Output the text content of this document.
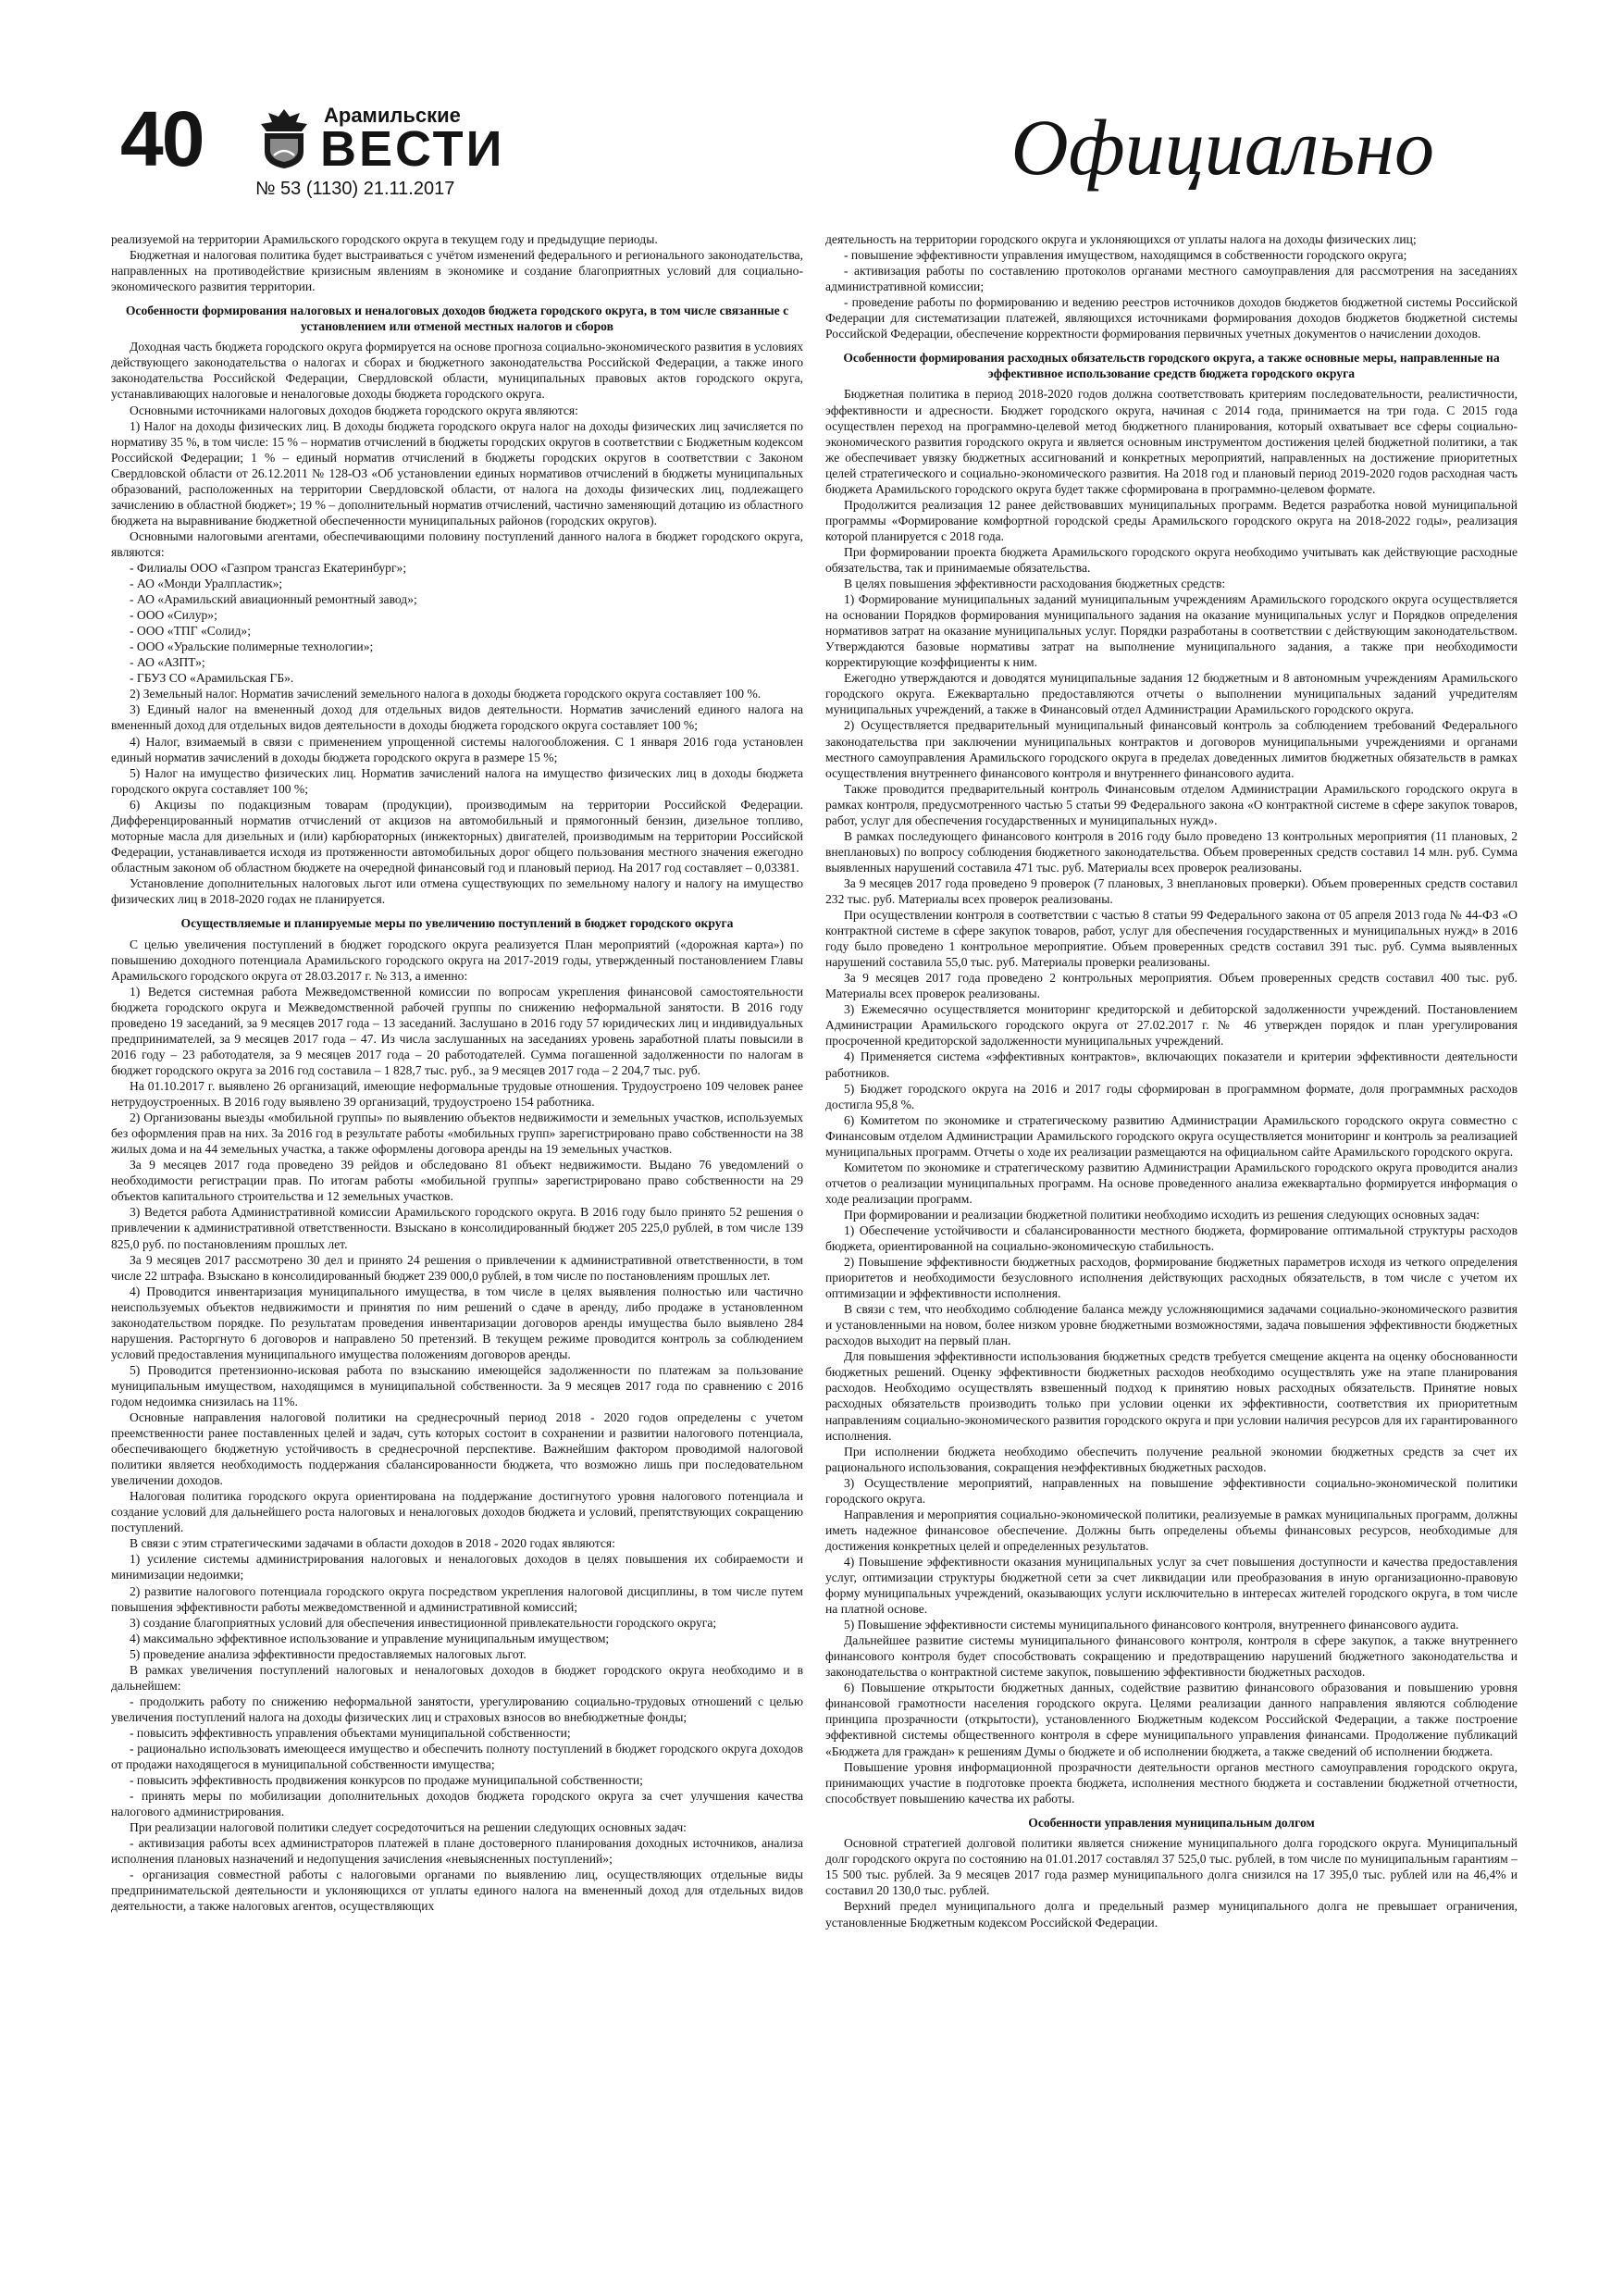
40	Арамильские
ВЕСТИ
№ 53 (1130) 21.11.2017	Официально

реализуемой на территории Арамильского городского округа в текущем году и предыдущие периоды.

Бюджетная и налоговая политика будет выстраиваться с учётом изменений федерального и регионального законодательства, направленных на противодействие кризисным явлениям в экономике и создание благоприятных условий для социально-экономического развития территории.

Особенности формирования налоговых и неналоговых доходов бюджета городского округа, в том числе связанные с установлением или отменой местных налогов и сборов

Доходная часть бюджета городского округа формируется на основе прогноза социально-экономического развития в условиях действующего законодательства о налогах и сборах и бюджетного законодательства Российской Федерации, а также иного законодательства Российской Федерации, Свердловской области, муниципальных правовых актов городского округа, устанавливающих налоговые и неналоговые доходы бюджета городского округа.

Основными источниками налоговых доходов бюджета городского округа являются:

1) Налог на доходы физических лиц. В доходы бюджета городского округа налог на доходы физических лиц зачисляется по нормативу 35 %, в том числе: 15 % – норматив отчислений в бюджеты городских округов в соответствии с Бюджетным кодексом Российской Федерации; 1 % – единый норматив отчислений в бюджеты городских округов в соответствии с Законом Свердловской области от 26.12.2011 № 128-ОЗ «Об установлении единых нормативов отчислений в бюджеты муниципальных образований, расположенных на территории Свердловской области, от налога на доходы физических лиц, подлежащего зачислению в областной бюджет»; 19 % – дополнительный норматив отчислений, частично заменяющий дотацию из областного бюджета на выравнивание бюджетной обеспеченности муниципальных районов (городских округов).

Основными налоговыми агентами, обеспечивающими половину поступлений данного налога в бюджет городского округа, являются:

- Филиалы ООО «Газпром трансгаз Екатеринбург»;

- АО «Монди Уралпластик»;

- АО «Арамильский авиационный ремонтный завод»;

- ООО «Силур»;

- ООО «ТПГ «Солид»;

- ООО «Уральские полимерные технологии»;

- АО «АЗПТ»;

- ГБУЗ СО «Арамильская ГБ».

2) Земельный налог. Норматив зачислений земельного налога в доходы бюджета городского округа составляет 100 %.

3) Единый налог на вмененный доход для отдельных видов деятельности. Норматив зачислений единого налога на вмененный доход для отдельных видов деятельности в доходы бюджета городского округа составляет 100 %;

4) Налог, взимаемый в связи с применением упрощенной системы налогообложения. С 1 января 2016 года установлен единый норматив зачислений в доходы бюджета городского округа в размере 15 %;

5) Налог на имущество физических лиц. Норматив зачислений налога на имущество физических лиц в доходы бюджета городского округа составляет 100 %;

6) Акцизы по подакцизным товарам (продукции), производимым на территории Российской Федерации. Дифференцированный норматив отчислений от акцизов на автомобильный и прямогонный бензин, дизельное топливо, моторные масла для дизельных и (или) карбюраторных (инжекторных) двигателей, производимым на территории Российской Федерации, устанавливается исходя из протяженности автомобильных дорог общего пользования местного значения ежегодно областным законом об областном бюджете на очередной финансовый год и плановый период. На 2017 год составляет – 0,03381.

Установление дополнительных налоговых льгот или отмена существующих по земельному налогу и налогу на имущество физических лиц в 2018-2020 годах не планируется.

Осуществляемые и планируемые меры по увеличению поступлений в бюджет городского округа

С целью увеличения поступлений в бюджет городского округа реализуется План мероприятий («дорожная карта») по повышению доходного потенциала Арамильского городского округа на 2017-2019 годы, утвержденный постановлением Главы Арамильского городского округа от 28.03.2017 г. № 313, а именно:

1) Ведется системная работа Межведомственной комиссии по вопросам укрепления финансовой самостоятельности бюджета городского округа и Межведомственной рабочей группы по снижению неформальной занятости. В 2016 году проведено 19 заседаний, за 9 месяцев 2017 года – 13 заседаний. Заслушано в 2016 году 57 юридических лиц и индивидуальных предпринимателей, за 9 месяцев 2017 года – 47. Из числа заслушанных на заседаниях уровень заработной платы повысили в 2016 году – 23 работодателя, за 9 месяцев 2017 года – 20 работодателей. Сумма погашенной задолженности по налогам в бюджет городского округа за 2016 год составила – 1 828,7 тыс. руб., за 9 месяцев 2017 года – 2 204,7 тыс. руб.

На 01.10.2017 г. выявлено 26 организаций, имеющие неформальные трудовые отношения. Трудоустроено 109 человек ранее нетрудоустроенных. В 2016 году выявлено 39 организаций, трудоустроено 154 работника.

2) Организованы выезды «мобильной группы» по выявлению объектов недвижимости и земельных участков, используемых без оформления прав на них. За 2016 год в результате работы «мобильных групп» зарегистрировано право собственности на 38 жилых дома и на 44 земельных участка, а также оформлены договора аренды на 19 земельных участков.

За 9 месяцев 2017 года проведено 39 рейдов и обследовано 81 объект недвижимости. Выдано 76 уведомлений о необходимости регистрации прав. По итогам работы «мобильной группы» зарегистрировано право собственности на 29 объектов капитального строительства и 12 земельных участков.

3) Ведется работа Административной комиссии Арамильского городского округа. В 2016 году было принято 52 решения о привлечении к административной ответственности. Взыскано в консолидированный бюджет 205 225,0 рублей, в том числе 139 825,0 руб. по постановлениям прошлых лет.

За 9 месяцев 2017 рассмотрено 30 дел и принято 24 решения о привлечении к административной ответственности, в том числе 22 штрафа. Взыскано в консолидированный бюджет 239 000,0 рублей, в том числе по постановлениям прошлых лет.

4) Проводится инвентаризация муниципального имущества, в том числе в целях выявления полностью или частично неиспользуемых объектов недвижимости и принятия по ним решений о сдаче в аренду, либо продаже в установленном законодательством порядке. По результатам проведения инвентаризации договоров аренды имущества было выявлено 284 нарушения. Расторгнуто 6 договоров и направлено 50 претензий. В текущем режиме проводится контроль за соблюдением условий предоставления муниципального имущества положениям договоров аренды.

5) Проводится претензионно-исковая работа по взысканию имеющейся задолженности по платежам за пользование муниципальным имуществом, находящимся в муниципальной собственности. За 9 месяцев 2017 года по сравнению с 2016 годом недоимка снизилась на 11%.

Основные направления налоговой политики на среднесрочный период 2018 - 2020 годов определены с учетом преемственности ранее поставленных целей и задач, суть которых состоит в сохранении и развитии налогового потенциала, обеспечивающего бюджетную устойчивость в среднесрочной перспективе. Важнейшим фактором проводимой налоговой политики является необходимость поддержания сбалансированности бюджета, что возможно лишь при последовательном увеличении доходов.

Налоговая политика городского округа ориентирована на поддержание достигнутого уровня налогового потенциала и создание условий для дальнейшего роста налоговых и неналоговых доходов бюджета и условий, препятствующих сокращению поступлений.

В связи с этим стратегическими задачами в области доходов в 2018 - 2020 годах являются:

1) усиление системы администрирования налоговых и неналоговых доходов в целях повышения их собираемости и минимизации недоимки;

2) развитие налогового потенциала городского округа посредством укрепления налоговой дисциплины, в том числе путем повышения эффективности работы межведомственной и административной комиссий;

3) создание благоприятных условий для обеспечения инвестиционной привлекательности городского округа;

4) максимально эффективное использование и управление муниципальным имуществом;

5) проведение анализа эффективности предоставляемых налоговых льгот.

В рамках увеличения поступлений налоговых и неналоговых доходов в бюджет городского округа необходимо и в дальнейшем:

- продолжить работу по снижению неформальной занятости, урегулированию социально-трудовых отношений с целью увеличения поступлений налога на доходы физических лиц и страховых взносов во внебюджетные фонды;

- повысить эффективность управления объектами муниципальной собственности;

- рационально использовать имеющееся имущество и обеспечить полноту поступлений в бюджет городского округа доходов от продажи находящегося в муниципальной собственности имущества;

- повысить эффективность продвижения конкурсов по продаже муниципальной собственности;

- принять меры по мобилизации дополнительных доходов бюджета городского округа за счет улучшения качества налогового администрирования.

При реализации налоговой политики следует сосредоточиться на решении следующих основных задач:

- активизация работы всех администраторов платежей в плане достоверного планирования доходных источников, анализа исполнения плановых назначений и недопущения зачисления «невыясненных поступлений»;

- организация совместной работы с налоговыми органами по выявлению лиц, осуществляющих отдельные виды предпринимательской деятельности и уклоняющихся от уплаты единого налога на вмененный доход для отдельных видов деятельности, а также налоговых агентов, осуществляющих

деятельность на территории городского округа и уклоняющихся от уплаты налога на доходы физических лиц;

- повышение эффективности управления имуществом, находящимся в собственности городского округа;

- активизация работы по составлению протоколов органами местного самоуправления для рассмотрения на заседаниях административной комиссии;

- проведение работы по формированию и ведению реестров источников доходов бюджетов бюджетной системы Российской Федерации для систематизации платежей, являющихся источниками формирования доходов бюджетов бюджетной системы Российской Федерации, обеспечение корректности формирования первичных учетных документов о начислении доходов.

Особенности формирования расходных обязательств городского округа, а также основные меры, направленные на эффективное использование средств бюджета городского округа

Бюджетная политика в период 2018-2020 годов должна соответствовать критериям последовательности, реалистичности, эффективности и адресности. Бюджет городского округа, начиная с 2014 года, принимается на три года. С 2015 года осуществлен переход на программно-целевой метод бюджетного планирования, который охватывает все сферы социально-экономического развития городского округа и является основным инструментом достижения целей бюджетной политики, а так же обеспечивает увязку бюджетных ассигнований и конкретных мероприятий, направленных на достижение приоритетных целей стратегического и социально-экономического развития. На 2018 год и плановый период 2019-2020 годов расходная часть бюджета Арамильского городского округа будет также сформирована в программно-целевом формате.

Продолжится реализация 12 ранее действовавших муниципальных программ. Ведется разработка новой муниципальной программы «Формирование комфортной городской среды Арамильского городского округа на 2018-2022 годы», реализация которой планируется с 2018 года.

При формировании проекта бюджета Арамильского городского округа необходимо учитывать как действующие расходные обязательства, так и принимаемые обязательства.

В целях повышения эффективности расходования бюджетных средств:

1) Формирование муниципальных заданий муниципальным учреждениям Арамильского городского округа осуществляется на основании Порядков формирования муниципального задания на оказание муниципальных услуг и Порядков определения нормативов затрат на оказание муниципальных услуг. Порядки разработаны в соответствии с действующим законодательством. Утверждаются базовые нормативы затрат на выполнение муниципального задания, а также при необходимости корректирующие коэффициенты к ним.

Ежегодно утверждаются и доводятся муниципальные задания 12 бюджетным и 8 автономным учреждениям Арамильского городского округа. Ежеквартально предоставляются отчеты о выполнении муниципальных заданий учредителям муниципальных учреждений, а также в Финансовый отдел Администрации Арамильского городского округа.

2) Осуществляется предварительный муниципальный финансовый контроль за соблюдением требований Федерального законодательства при заключении муниципальных контрактов и договоров муниципальными учреждениями и органами местного самоуправления Арамильского городского округа в пределах доведенных лимитов бюджетных обязательств в рамках осуществления внутреннего финансового контроля и внутреннего финансового аудита.

Также проводится предварительный контроль Финансовым отделом Администрации Арамильского городского округа в рамках контроля, предусмотренного частью 5 статьи 99 Федерального закона «О контрактной системе в сфере закупок товаров, работ, услуг для обеспечения государственных и муниципальных нужд».

В рамках последующего финансового контроля в 2016 году было проведено 13 контрольных мероприятия (11 плановых, 2 внеплановых) по вопросу соблюдения бюджетного законодательства. Объем проверенных средств составил 14 млн. руб. Сумма выявленных нарушений составила 471 тыс. руб. Материалы всех проверок реализованы.

За 9 месяцев 2017 года проведено 9 проверок (7 плановых, 3 внеплановых проверки). Объем проверенных средств составил 232 тыс. руб. Материалы всех проверок реализованы.

При осуществлении контроля в соответствии с частью 8 статьи 99 Федерального закона от 05 апреля 2013 года № 44-ФЗ «О контрактной системе в сфере закупок товаров, работ, услуг для обеспечения государственных и муниципальных нужд» в 2016 году было проведено 1 контрольное мероприятие. Объем проверенных средств составил 391 тыс. руб. Сумма выявленных нарушений составила 55,0 тыс. руб. Материалы проверки реализованы.

За 9 месяцев 2017 года проведено 2 контрольных мероприятия. Объем проверенных средств составил 400 тыс. руб. Материалы всех проверок реализованы.

3) Ежемесячно осуществляется мониторинг кредиторской и дебиторской задолженности учреждений. Постановлением Администрации Арамильского городского округа от 27.02.2017 г. № 46 утвержден порядок и план урегулирования просроченной кредиторской задолженности муниципальных учреждений.

4) Применяется система «эффективных контрактов», включающих показатели и критерии эффективности деятельности работников.

5) Бюджет городского округа на 2016 и 2017 годы сформирован в программном формате, доля программных расходов достигла 95,8 %.

6) Комитетом по экономике и стратегическому развитию Администрации Арамильского городского округа совместно с Финансовым отделом Администрации Арамильского городского округа осуществляется мониторинг и контроль за реализацией муниципальных программ. Отчеты о ходе их реализации размещаются на официальном сайте Арамильского городского округа.

Комитетом по экономике и стратегическому развитию Администрации Арамильского городского округа проводится анализ отчетов о реализации муниципальных программ. На основе проведенного анализа ежеквартально формируется информация о ходе реализации программ.

При формировании и реализации бюджетной политики необходимо исходить из решения следующих основных задач:

1) Обеспечение устойчивости и сбалансированности местного бюджета, формирование оптимальной структуры расходов бюджета, ориентированной на социально-экономическую стабильность.

2) Повышение эффективности бюджетных расходов, формирование бюджетных параметров исходя из четкого определения приоритетов и необходимости безусловного исполнения действующих расходных обязательств, в том числе с учетом их оптимизации и эффективности исполнения.

В связи с тем, что необходимо соблюдение баланса между усложняющимися задачами социально-экономического развития и установленными на новом, более низком уровне бюджетными возможностями, задача повышения эффективности бюджетных расходов выходит на первый план.

Для повышения эффективности использования бюджетных средств требуется смещение акцента на оценку обоснованности бюджетных решений. Оценку эффективности бюджетных расходов необходимо осуществлять уже на этапе планирования расходов. Необходимо осуществлять взвешенный подход к принятию новых расходных обязательств. Принятие новых расходных обязательств производить только при условии оценки их эффективности, соответствия их приоритетным направлениям социально-экономического развития городского округа и при условии наличия ресурсов для их гарантированного исполнения.

При исполнении бюджета необходимо обеспечить получение реальной экономии бюджетных средств за счет их рационального использования, сокращения неэффективных бюджетных расходов.

3) Осуществление мероприятий, направленных на повышение эффективности социально-экономической политики городского округа.

Направления и мероприятия социально-экономической политики, реализуемые в рамках муниципальных программ, должны иметь надежное финансовое обеспечение. Должны быть определены объемы финансовых ресурсов, необходимые для достижения конкретных целей и определенных результатов.

4) Повышение эффективности оказания муниципальных услуг за счет повышения доступности и качества предоставления услуг, оптимизации структуры бюджетной сети за счет ликвидации или преобразования в иную организационно-правовую форму муниципальных учреждений, оказывающих услуги исключительно в интересах жителей городского округа, в том числе на платной основе.

5) Повышение эффективности системы муниципального финансового контроля, внутреннего финансового аудита.

Дальнейшее развитие системы муниципального финансового контроля, контроля в сфере закупок, а также внутреннего финансового контроля будет способствовать сокращению и предотвращению нарушений бюджетного законодательства и законодательства о контрактной системе закупок, повышению эффективности бюджетных расходов.

6) Повышение открытости бюджетных данных, содействие развитию финансового образования и повышению уровня финансовой грамотности населения городского округа. Целями реализации данного направления являются соблюдение принципа прозрачности (открытости), установленного Бюджетным кодексом Российской Федерации, а также построение эффективной системы общественного контроля в сфере муниципального управления финансами. Продолжение публикаций «Бюджета для граждан» к решениям Думы о бюджете и об исполнении бюджета, а также сведений об исполнении бюджета.

Повышение уровня информационной прозрачности деятельности органов местного самоуправления городского округа, принимающих участие в подготовке проекта бюджета, исполнения местного бюджета и составлении бюджетной отчетности, способствует повышению качества их работы.

Особенности управления муниципальным долгом

Основной стратегией долговой политики является снижение муниципального долга городского округа. Муниципальный долг городского округа по состоянию на 01.01.2017 составлял 37 525,0 тыс. рублей, в том числе по муниципальным гарантиям – 15 500 тыс. рублей. За 9 месяцев 2017 года размер муниципального долга снизился на 17 395,0 тыс. рублей или на 46,4% и составил 20 130,0 тыс. рублей.

Верхний предел муниципального долга и предельный размер муниципального долга не превышает ограничения, установленные Бюджетным кодексом Российской Федерации.
